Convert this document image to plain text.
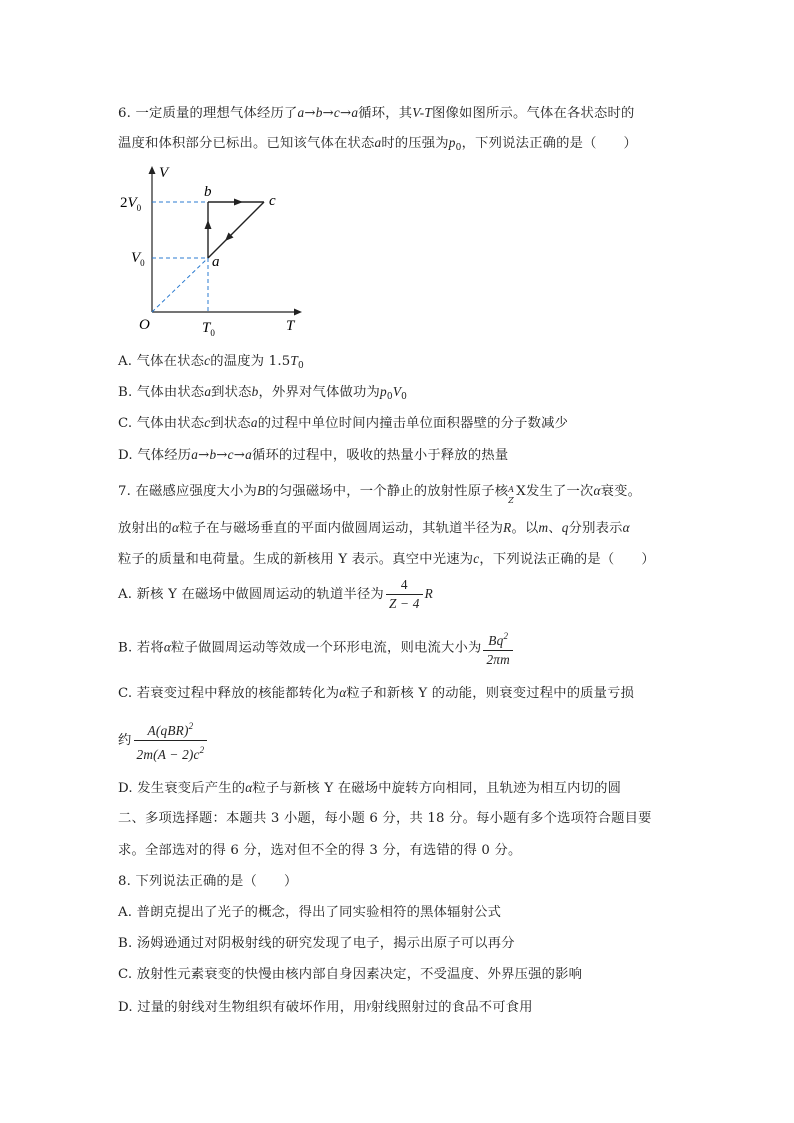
6. 一定质量的理想气体经历了a→b→c→a循环，其V-T图像如图所示。气体在各状态时的
温度和体积部分已标出。已知该气体在状态a时的压强为$p_0$，下列说法正确的是（　　）
V
T
O
$2V_0$
$V_0$
$T_0$
a
b
c
A. 气体在状态c的温度为 $1.5T_0$
B. 气体由状态a到状态b，外界对气体做功为$p_0V_0$
C. 气体由状态c到状态a的过程中单位时间内撞击单位面积器壁的分子数减少
D. 气体经历a→b→c→a循环的过程中，吸收的热量小于释放的热量
7. 在磁感应强度大小为B的匀强磁场中，一个静止的放射性原子核 A
Z
X发生了一次α衰变。
放射出的α粒子在与磁场垂直的平面内做圆周运动，其轨道半径为R。以m、q分别表示α
粒子的质量和电荷量。生成的新核用 Y 表示。真空中光速为c，下列说法正确的是（　　）
A. 新核 Y 在磁场中做圆周运动的轨道半径为 $\frac{4}{Z - 4}$ R
B. 若将α粒子做圆周运动等效成一个环形电流，则电流大小为 $\frac{Bq^2}{2\pi m}$
C. 若衰变过程中释放的核能都转化为α粒子和新核 Y 的动能，则衰变过程中的质量亏损
约 $\frac{A(qBR)^2}{2m(A - 2)c^2}$
D. 发生衰变后产生的α粒子与新核 Y 在磁场中旋转方向相同，且轨迹为相互内切的圆
二、多项选择题：本题共 3 小题，每小题 6 分，共 18 分。每小题有多个选项符合题目要
求。全部选对的得 6 分，选对但不全的得 3 分，有选错的得 0 分。
8. 下列说法正确的是（　　）
A. 普朗克提出了光子的概念，得出了同实验相符的黑体辐射公式
B. 汤姆逊通过对阴极射线的研究发现了电子，揭示出原子可以再分
C. 放射性元素衰变的快慢由核内部自身因素决定，不受温度、外界压强的影响
D. 过量的射线对生物组织有破坏作用，用$^\gamma$射线照射过的食品不可食用
